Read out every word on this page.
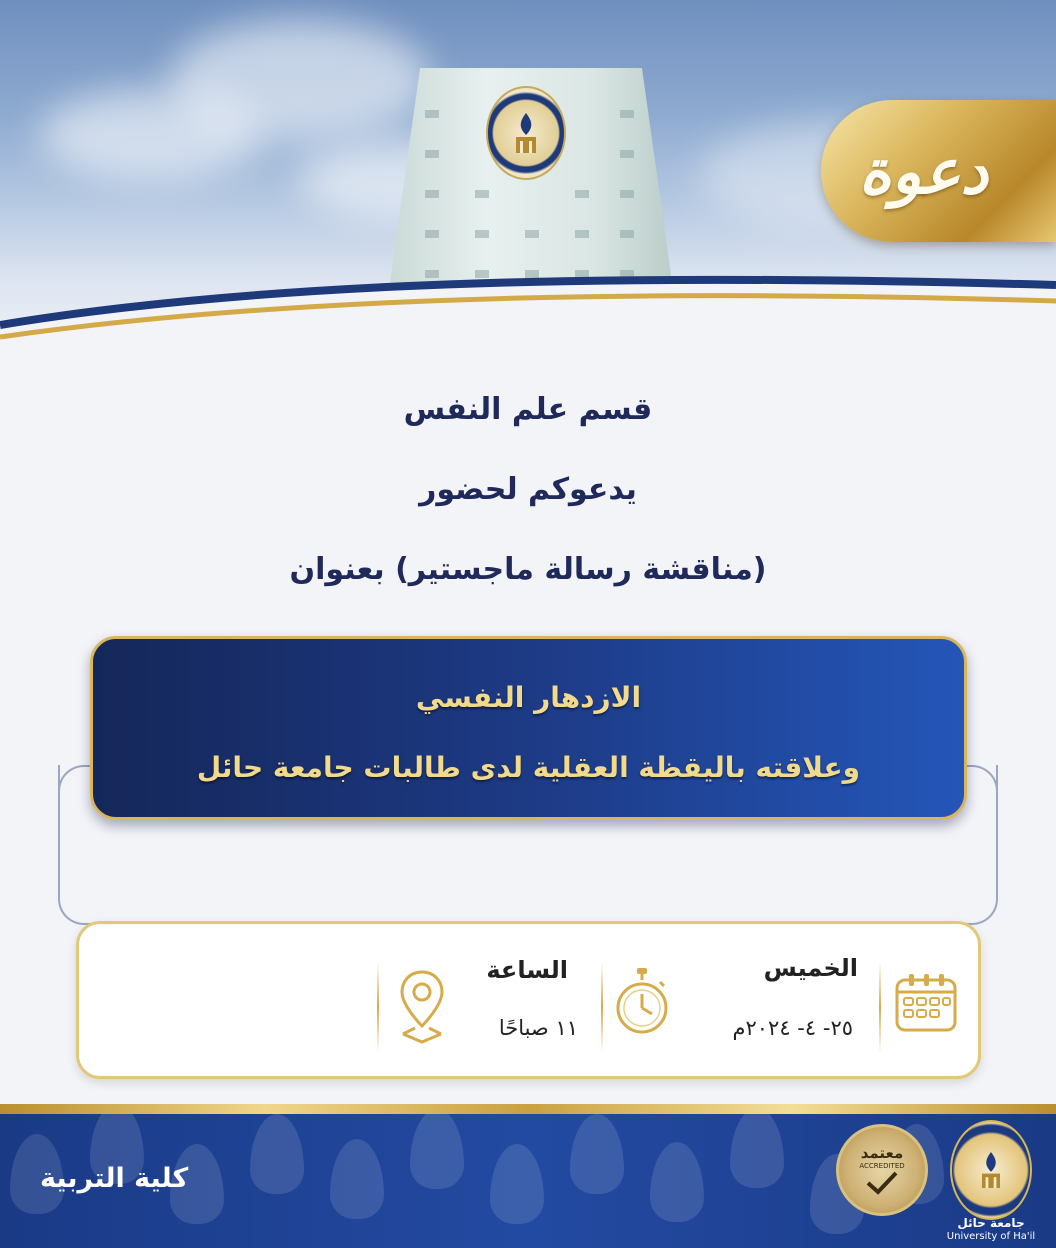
دعوة
قسم علم النفس
يدعوكم لحضور
(مناقشة رسالة ماجستير) بعنوان
الازدهار النفسي
وعلاقته باليقظة العقلية لدى طالبات جامعة حائل
الخميس
٢٥- ٤- ٢٠٢٤م
الساعة
١١ صباحًا
كلية التربية
معتمد
ACCREDITED
جامعة حائل
University of Ha'il
